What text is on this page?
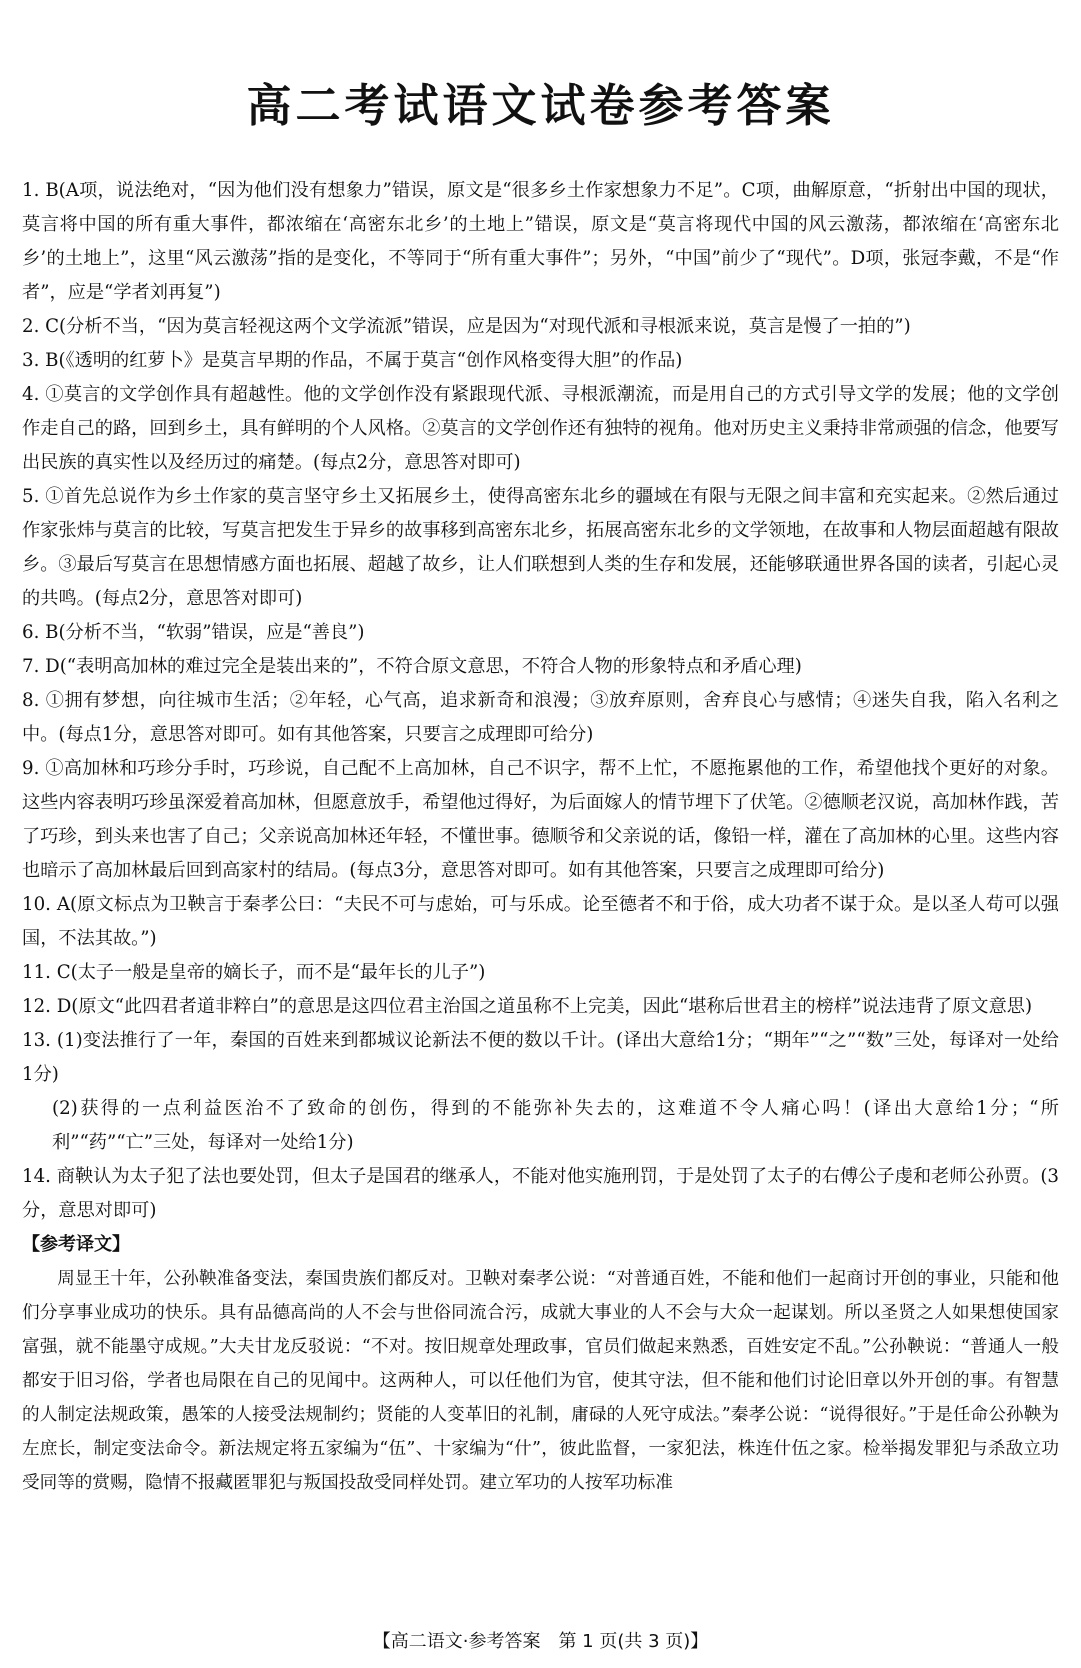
高二考试语文试卷参考答案

1. B(A项，说法绝对，“因为他们没有想象力”错误，原文是“很多乡土作家想象力不足”。C项，曲解原意，“折射出中国的现状，莫言将中国的所有重大事件，都浓缩在‘高密东北乡’的土地上”错误，原文是“莫言将现代中国的风云激荡，都浓缩在‘高密东北乡’的土地上”，这里“风云激荡”指的是变化，不等同于“所有重大事件”；另外，“中国”前少了“现代”。D项，张冠李戴，不是“作者”，应是“学者刘再复”)

2. C(分析不当，“因为莫言轻视这两个文学流派”错误，应是因为“对现代派和寻根派来说，莫言是慢了一拍的”)

3. B(《透明的红萝卜》是莫言早期的作品，不属于莫言“创作风格变得大胆”的作品)

4. ①莫言的文学创作具有超越性。他的文学创作没有紧跟现代派、寻根派潮流，而是用自己的方式引导文学的发展；他的文学创作走自己的路，回到乡土，具有鲜明的个人风格。②莫言的文学创作还有独特的视角。他对历史主义秉持非常顽强的信念，他要写出民族的真实性以及经历过的痛楚。(每点2分，意思答对即可)

5. ①首先总说作为乡土作家的莫言坚守乡土又拓展乡土，使得高密东北乡的疆域在有限与无限之间丰富和充实起来。②然后通过作家张炜与莫言的比较，写莫言把发生于异乡的故事移到高密东北乡，拓展高密东北乡的文学领地，在故事和人物层面超越有限故乡。③最后写莫言在思想情感方面也拓展、超越了故乡，让人们联想到人类的生存和发展，还能够联通世界各国的读者，引起心灵的共鸣。(每点2分，意思答对即可)

6. B(分析不当，“软弱”错误，应是“善良”)

7. D(“表明高加林的难过完全是装出来的”，不符合原文意思，不符合人物的形象特点和矛盾心理)

8. ①拥有梦想，向往城市生活；②年轻，心气高，追求新奇和浪漫；③放弃原则，舍弃良心与感情；④迷失自我，陷入名利之中。(每点1分，意思答对即可。如有其他答案，只要言之成理即可给分)

9. ①高加林和巧珍分手时，巧珍说，自己配不上高加林，自己不识字，帮不上忙，不愿拖累他的工作，希望他找个更好的对象。这些内容表明巧珍虽深爱着高加林，但愿意放手，希望他过得好，为后面嫁人的情节埋下了伏笔。②德顺老汉说，高加林作践，苦了巧珍，到头来也害了自己；父亲说高加林还年轻，不懂世事。德顺爷和父亲说的话，像铅一样，灌在了高加林的心里。这些内容也暗示了高加林最后回到高家村的结局。(每点3分，意思答对即可。如有其他答案，只要言之成理即可给分)

10. A(原文标点为卫鞅言于秦孝公曰：“夫民不可与虑始，可与乐成。论至德者不和于俗，成大功者不谋于众。是以圣人苟可以强国，不法其故。”)

11. C(太子一般是皇帝的嫡长子，而不是“最年长的儿子”)

12. D(原文“此四君者道非粹白”的意思是这四位君主治国之道虽称不上完美，因此“堪称后世君主的榜样”说法违背了原文意思)

13. (1)变法推行了一年，秦国的百姓来到都城议论新法不便的数以千计。(译出大意给1分；“期年”“之”“数”三处，每译对一处给1分)

(2)获得的一点利益医治不了致命的创伤，得到的不能弥补失去的，这难道不令人痛心吗！(译出大意给1分；“所利”“药”“亡”三处，每译对一处给1分)

14. 商鞅认为太子犯了法也要处罚，但太子是国君的继承人，不能对他实施刑罚，于是处罚了太子的右傅公子虔和老师公孙贾。(3分，意思对即可)

【参考译文】

周显王十年，公孙鞅准备变法，秦国贵族们都反对。卫鞅对秦孝公说：“对普通百姓，不能和他们一起商讨开创的事业，只能和他们分享事业成功的快乐。具有品德高尚的人不会与世俗同流合污，成就大事业的人不会与大众一起谋划。所以圣贤之人如果想使国家富强，就不能墨守成规。”大夫甘龙反驳说：“不对。按旧规章处理政事，官员们做起来熟悉，百姓安定不乱。”公孙鞅说：“普通人一般都安于旧习俗，学者也局限在自己的见闻中。这两种人，可以任他们为官，使其守法，但不能和他们讨论旧章以外开创的事。有智慧的人制定法规政策，愚笨的人接受法规制约；贤能的人变革旧的礼制，庸碌的人死守成法。”秦孝公说：“说得很好。”于是任命公孙鞅为左庶长，制定变法命令。新法规定将五家编为“伍”、十家编为“什”，彼此监督，一家犯法，株连什伍之家。检举揭发罪犯与杀敌立功受同等的赏赐，隐情不报藏匿罪犯与叛国投敌受同样处罚。建立军功的人按军功标准

【高二语文·参考答案　第 1 页(共 3 页)】
